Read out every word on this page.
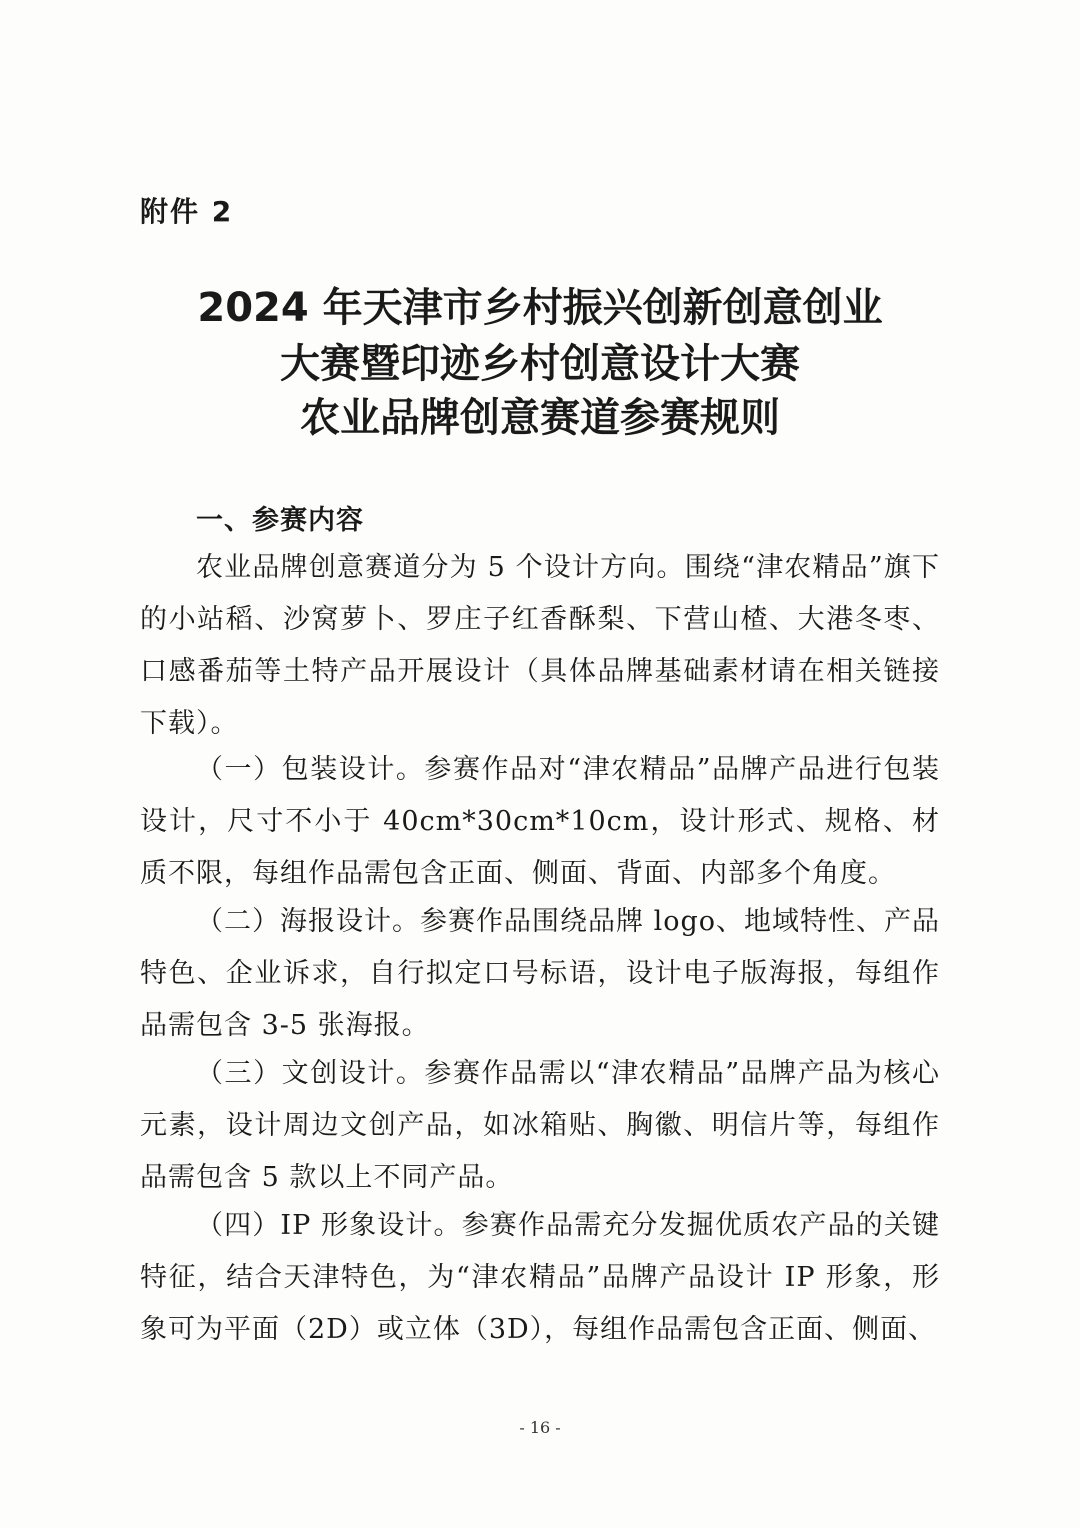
附件 2

2024 年天津市乡村振兴创新创意创业
大赛暨印迹乡村创意设计大赛
农业品牌创意赛道参赛规则
一、参赛内容

农业品牌创意赛道分为 5 个设计方向。围绕“津农精品”旗下的小站稻、沙窝萝卜、罗庄子红香酥梨、下营山楂、大港冬枣、口感番茄等土特产品开展设计（具体品牌基础素材请在相关链接下载）。

（一）包装设计。参赛作品对“津农精品”品牌产品进行包装设计，尺寸不小于 40cm*30cm*10cm，设计形式、规格、材质不限，每组作品需包含正面、侧面、背面、内部多个角度。

（二）海报设计。参赛作品围绕品牌 logo、地域特性、产品特色、企业诉求，自行拟定口号标语，设计电子版海报，每组作品需包含 3-5 张海报。

（三）文创设计。参赛作品需以“津农精品”品牌产品为核心元素，设计周边文创产品，如冰箱贴、胸徽、明信片等，每组作品需包含 5 款以上不同产品。

（四）IP 形象设计。参赛作品需充分发掘优质农产品的关键特征，结合天津特色，为“津农精品”品牌产品设计 IP 形象，形象可为平面（2D）或立体（3D），每组作品需包含正面、侧面、

- 16 -
